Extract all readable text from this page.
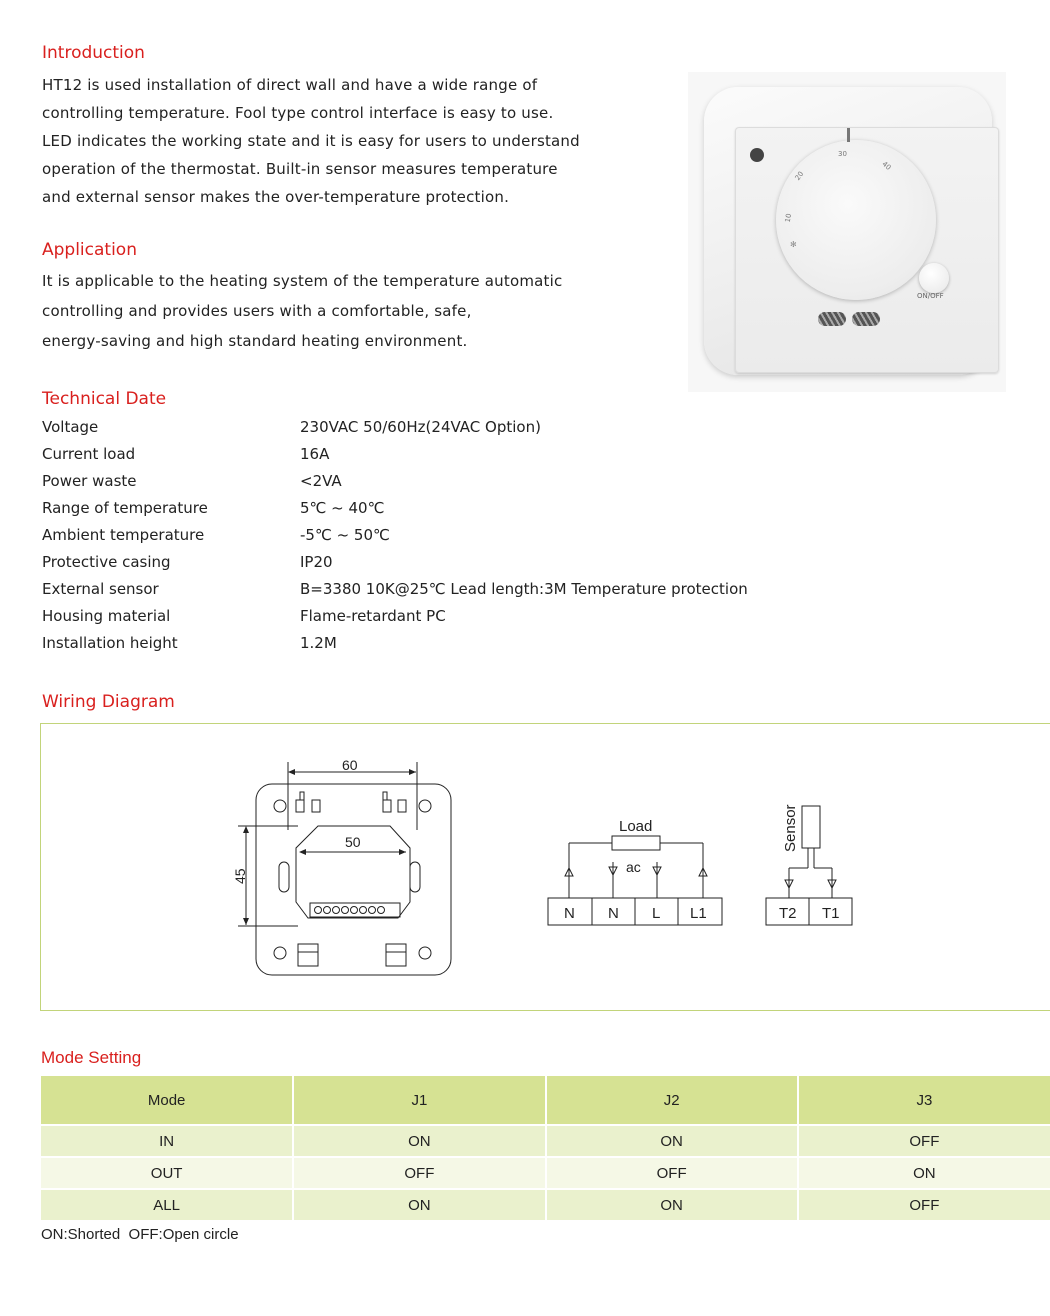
Introduction
HT12 is used installation of direct wall and have a wide range of
controlling temperature. Fool type control interface is easy to use.
LED indicates the working state and it is easy for users to understand
operation of the thermostat. Built-in sensor measures temperature
and external sensor makes the over-temperature protection.
Application
It is applicable to the heating system of the temperature automatic
controlling and provides users with a comfortable, safe,
energy-saving and high standard heating environment.
10
20
30
40
✻
ON/OFF
Technical Date
Voltage	230VAC 50/60Hz(24VAC Option)
Current load	16A
Power waste	<2VA
Range of temperature	5℃ ~ 40℃
Ambient temperature	-5℃ ~ 50℃
Protective casing	IP20
External sensor	B=3380 10K@25℃ Lead length:3M Temperature protection
Housing material	Flame-retardant PC
Installation height	1.2M
Wiring Diagram
60
50
45
Load
ac
N N L L1
Sensor
T2 T1
Mode Setting
Mode	J1	J2	J3
IN	ON	ON	OFF
OUT	OFF	OFF	ON
ALL	ON	ON	OFF
ON:Shorted  OFF:Open circle
